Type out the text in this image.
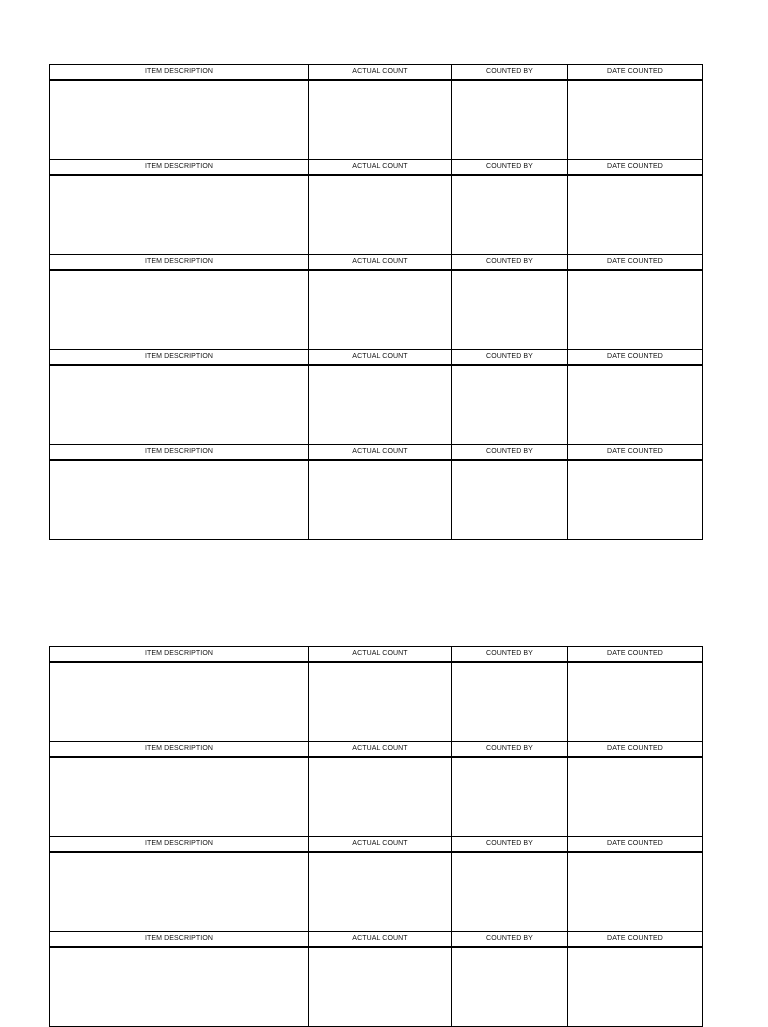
ITEM DESCRIPTION	ACTUAL COUNT	COUNTED BY	DATE COUNTED
ITEM DESCRIPTION	ACTUAL COUNT	COUNTED BY	DATE COUNTED
ITEM DESCRIPTION	ACTUAL COUNT	COUNTED BY	DATE COUNTED
ITEM DESCRIPTION	ACTUAL COUNT	COUNTED BY	DATE COUNTED
ITEM DESCRIPTION	ACTUAL COUNT	COUNTED BY	DATE COUNTED
ITEM DESCRIPTION	ACTUAL COUNT	COUNTED BY	DATE COUNTED
ITEM DESCRIPTION	ACTUAL COUNT	COUNTED BY	DATE COUNTED
ITEM DESCRIPTION	ACTUAL COUNT	COUNTED BY	DATE COUNTED
ITEM DESCRIPTION	ACTUAL COUNT	COUNTED BY	DATE COUNTED
